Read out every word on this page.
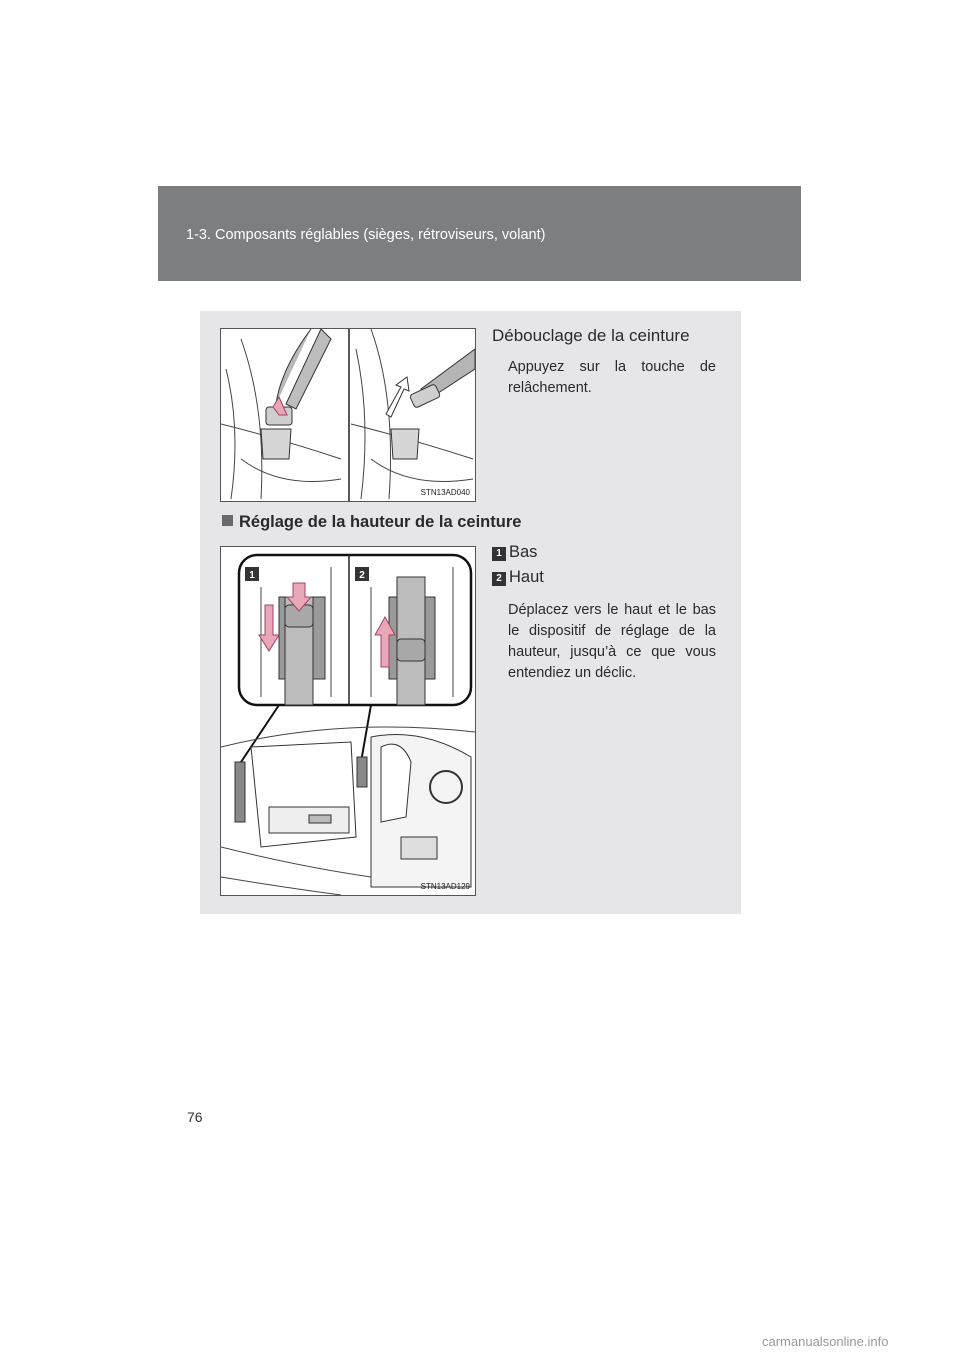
1-3. Composants réglables (sièges, rétroviseurs, volant)
STN13AD040
Débouclage de la ceinture
Appuyez sur la touche de relâchement.
Réglage de la hauteur de la ceinture
1 Bas
2 Haut
Déplacez vers le haut et le bas le dispositif de réglage de la hauteur, jusqu’à ce que vous entendiez un déclic.
1	2
STN13AD129
76
carmanualsonline.info
